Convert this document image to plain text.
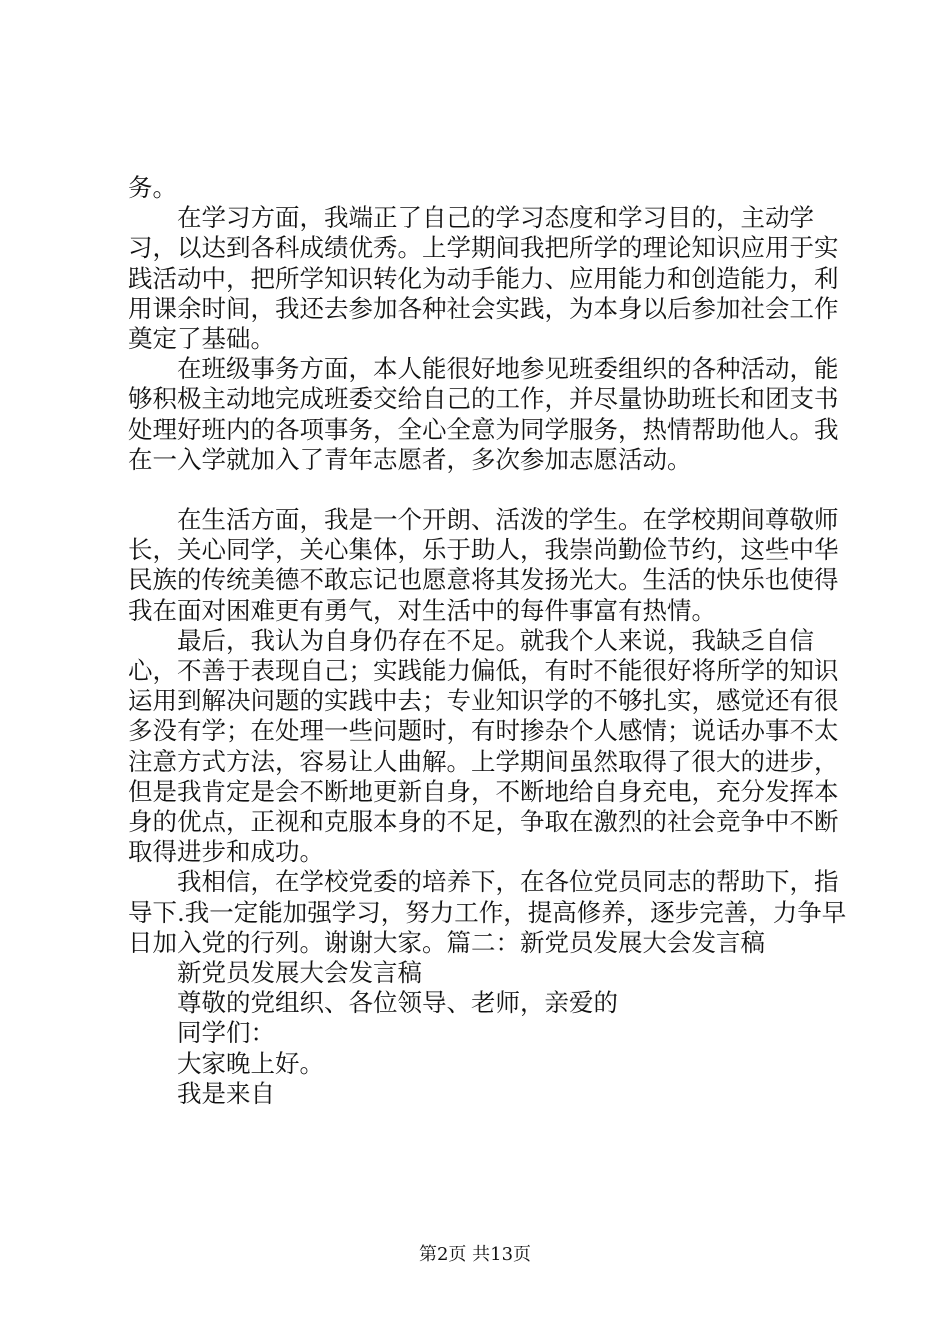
务。

在学习方面，我端正了自己的学习态度和学习目的，主动学习，以达到各科成绩优秀。上学期间我把所学的理论知识应用于实践活动中，把所学知识转化为动手能力、应用能力和创造能力，利用课余时间，我还去参加各种社会实践，为本身以后参加社会工作奠定了基础。

在班级事务方面，本人能很好地参见班委组织的各种活动，能够积极主动地完成班委交给自己的工作，并尽量协助班长和团支书处理好班内的各项事务，全心全意为同学服务，热情帮助他人。我在一入学就加入了青年志愿者，多次参加志愿活动。

在生活方面，我是一个开朗、活泼的学生。在学校期间尊敬师长，关心同学，关心集体，乐于助人，我崇尚勤俭节约，这些中华民族的传统美德不敢忘记也愿意将其发扬光大。生活的快乐也使得我在面对困难更有勇气，对生活中的每件事富有热情。

最后，我认为自身仍存在不足。就我个人来说，我缺乏自信心，不善于表现自己；实践能力偏低，有时不能很好将所学的知识运用到解决问题的实践中去；专业知识学的不够扎实，感觉还有很多没有学；在处理一些问题时，有时掺杂个人感情；说话办事不太注意方式方法，容易让人曲解。上学期间虽然取得了很大的进步，但是我肯定是会不断地更新自身，不断地给自身充电，充分发挥本身的优点，正视和克服本身的不足，争取在激烈的社会竞争中不断取得进步和成功。

我相信，在学校党委的培养下，在各位党员同志的帮助下，指导下.我一定能加强学习，努力工作，提高修养，逐步完善，力争早日加入党的行列。谢谢大家。篇二：新党员发展大会发言稿

新党员发展大会发言稿

尊敬的党组织、各位领导、老师，亲爱的

同学们：

大家晚上好。

我是来自

第2页 共13页
